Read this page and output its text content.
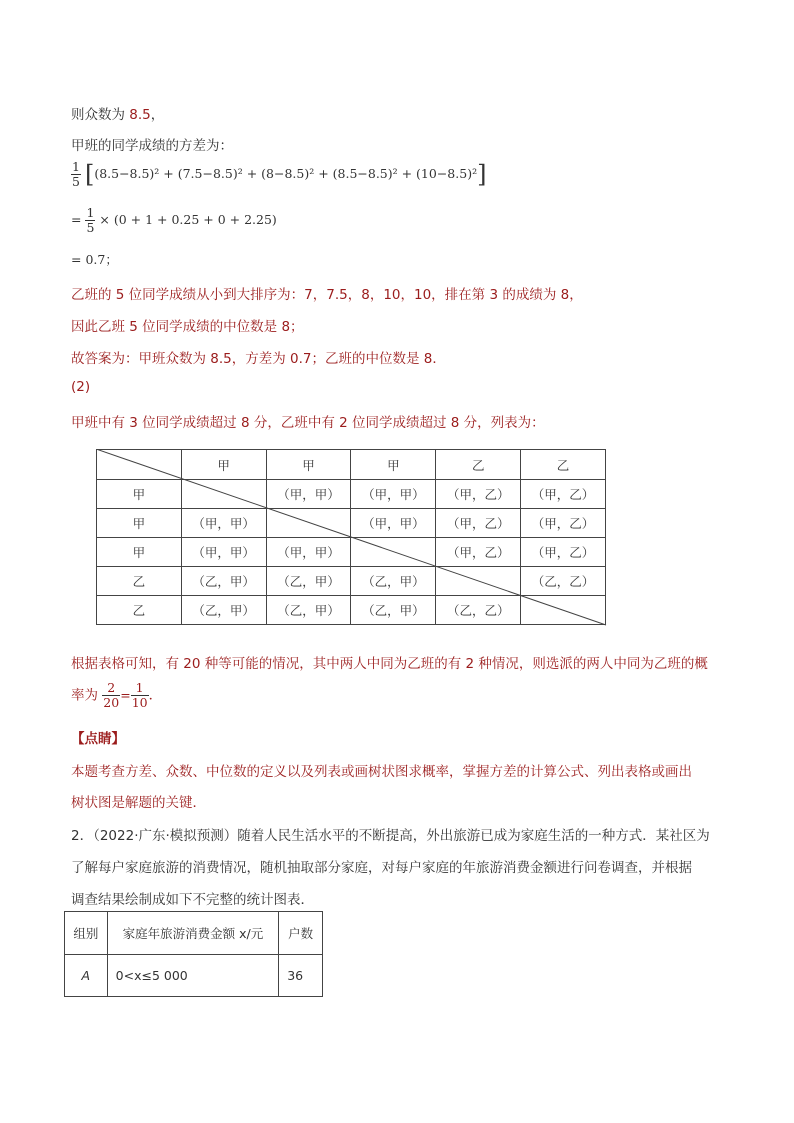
则众数为 8.5，
甲班的同学成绩的方差为：
$\frac{1}{5} [(8.5-8.5)^2 + (7.5-8.5)^2 + (8-8.5)^2 + (8.5-8.5)^2 + (10-8.5)^2]$
= $\frac{1}{5} \times (0 + 1 + 0.25 + 0 + 2.25)$
= 0.7；
乙班的 5 位同学成绩从小到大排序为：7，7.5，8，10，10，排在第 3 的成绩为 8，
因此乙班 5 位同学成绩的中位数是 8；
故答案为：甲班众数为 8.5，方差为 0.7；乙班的中位数是 8．
(2)
甲班中有 3 位同学成绩超过 8 分，乙班中有 2 位同学成绩超过 8 分，列表为：
	甲	甲	甲	乙	乙
甲		（甲，甲）	（甲，甲）	（甲，乙）	（甲，乙）
甲	（甲，甲）		（甲，甲）	（甲，乙）	（甲，乙）
甲	（甲，甲）	（甲，甲）		（甲，乙）	（甲，乙）
乙	（乙，甲）	（乙，甲）	（乙，甲）		（乙，乙）
乙	（乙，甲）	（乙，甲）	（乙，甲）	（乙，乙）	
根据表格可知，有 20 种等可能的情况，其中两人中同为乙班的有 2 种情况，则选派的两人中同为乙班的概
率为 $\frac{2}{20} = \frac{1}{10}$ ．
【点睛】
本题考查方差、众数、中位数的定义以及列表或画树状图求概率，掌握方差的计算公式、列出表格或画出
树状图是解题的关键．
2．（2022·广东·模拟预测）随着人民生活水平的不断提高，外出旅游已成为家庭生活的一种方式．某社区为
了解每户家庭旅游的消费情况，随机抽取部分家庭，对每户家庭的年旅游消费金额进行问卷调查，并根据
调查结果绘制成如下不完整的统计图表．
组别	家庭年旅游消费金额 x/元	户数
A	0<x≤5 000	36
